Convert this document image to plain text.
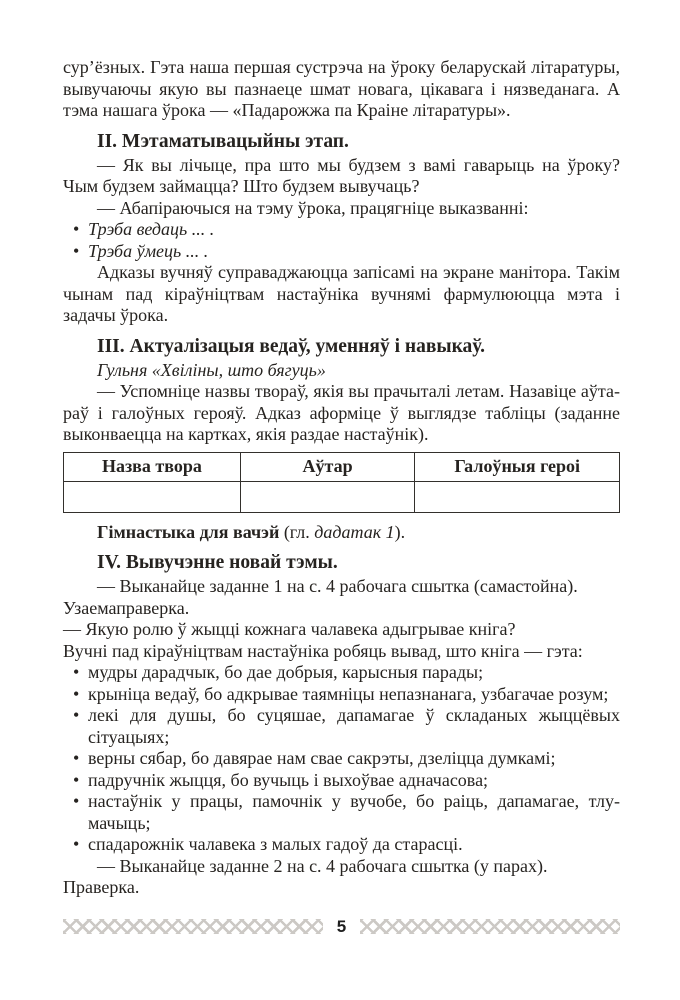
сур’ёзных. Гэта наша першая сустрэча на ўроку беларускай літаратуры, вывучаючы якую вы пазнаеце шмат новага, цікавага і нязведанага. А тэма нашага ўрока — «Падарожжа па Краіне літаратуры».

II. Мэтаматывацыйны этап.

— Як вы лічыце, пра што мы будзем з вамі гаварыць на ўроку? Чым будзем займацца? Што будзем вывучаць?

— Абапіраючыся на тэму ўрока, працягніце выказванні:

• Трэба ведаць ... .
• Трэба ўмець ... .

Адказы вучняў суправаджаюцца запісамі на экране манітора. Такім чынам пад кіраўніцтвам настаўніка вучнямі фармулююцца мэта і задачы ўрока.

III. Актуалізацыя ведаў, уменняў і навыкаў.

Гульня «Хвіліны, што бягуць»

— Успомніце назвы твораў, якія вы прачыталі летам. Назавіце аўтараў і галоўных герояў. Адказ аформіце ў выглядзе табліцы (заданне выконваецца на картках, якія раздае настаўнік).

Назва твора	Аўтар	Галоўныя героі

Гімнастыка для вачэй (гл. дадатак 1).

IV. Вывучэнне новай тэмы.

— Выканайце заданне 1 на с. 4 рабочага сшытка (самастойна).

Узаемаправерка.

— Якую ролю ў жыцці кожнага чалавека адыгрывае кніга?

Вучні пад кіраўніцтвам настаўніка робяць вывад, што кніга — гэта:

• мудры дарадчык, бо дае добрыя, карысныя парады;
• крыніца ведаў, бо адкрывае таямніцы непазнанага, узбагачае розум;
• лекі для душы, бо суцяшае, дапамагае ў складаных жыццёвых сітуацыях;
• верны сябар, бо давярае нам свае сакрэты, дзеліцца думкамі;
• падручнік жыцця, бо вучыць і выхоўвае адначасова;
• настаўнік у працы, памочнік у вучобе, бо раіць, дапамагае, тлумачыць;
• спадарожнік чалавека з малых гадоў да старасці.

— Выканайце заданне 2 на с. 4 рабочага сшытка (у парах).

Праверка.

5
